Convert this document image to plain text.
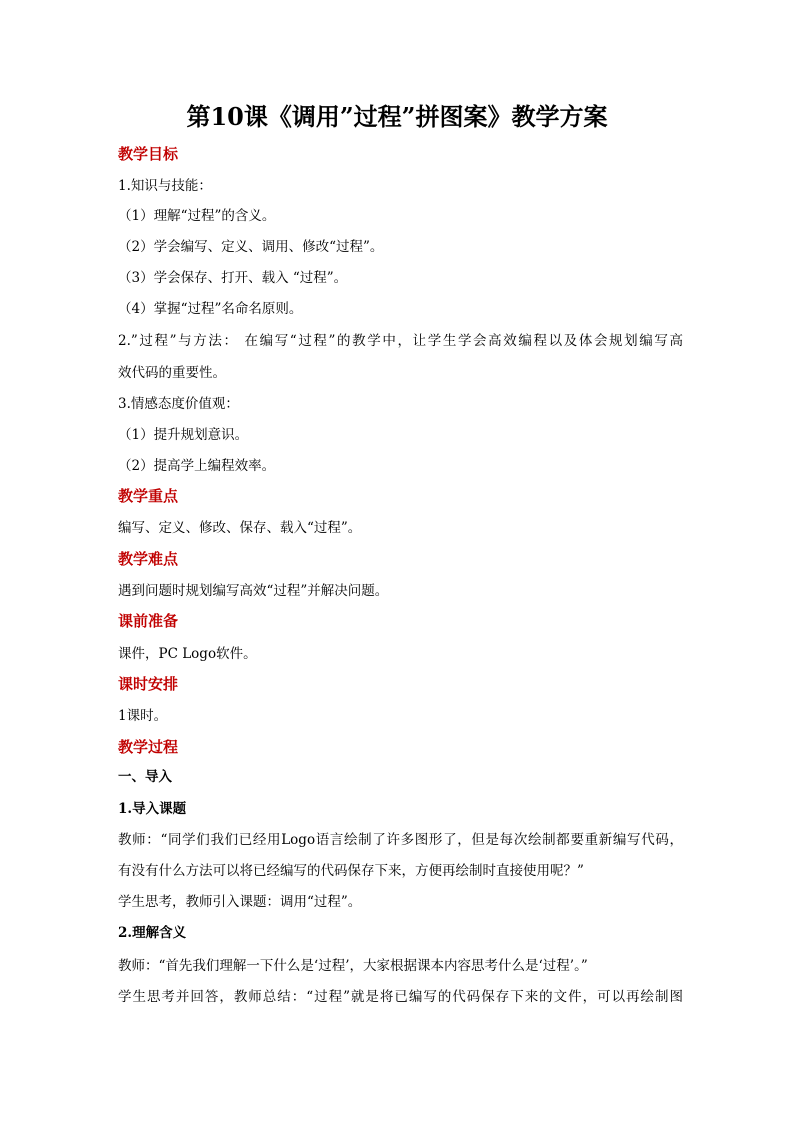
第10课《调用”过程”拼图案》教学方案
教学目标
1.知识与技能：
（1）理解“过程”的含义。
（2）学会编写、定义、调用、修改“过程”。
（3）学会保存、打开、载入 “过程”。
（4）掌握“过程”名命名原则。
2.”过程”与方法： 在编写“过程”的教学中，让学生学会高效编程以及体会规划编写高
效代码的重要性。
3.情感态度价值观：
（1）提升规划意识。
（2）提高学上编程效率。
教学重点
编写、定义、修改、保存、载入“过程”。
教学难点
遇到问题时规划编写高效“过程”并解决问题。
课前准备
课件，PC Logo软件。
课时安排
1课时。
教学过程
一、导入
1.导入课题
教师：“同学们我们已经用Logo语言绘制了许多图形了，但是每次绘制都要重新编写代码，
有没有什么方法可以将已经编写的代码保存下来，方便再绘制时直接使用呢？”
学生思考，教师引入课题：调用“过程”。
2.理解含义
教师：“首先我们理解一下什么是‘过程’，大家根据课本内容思考什么是‘过程’。”
学生思考并回答，教师总结：“过程”就是将已编写的代码保存下来的文件，可以再绘制图
